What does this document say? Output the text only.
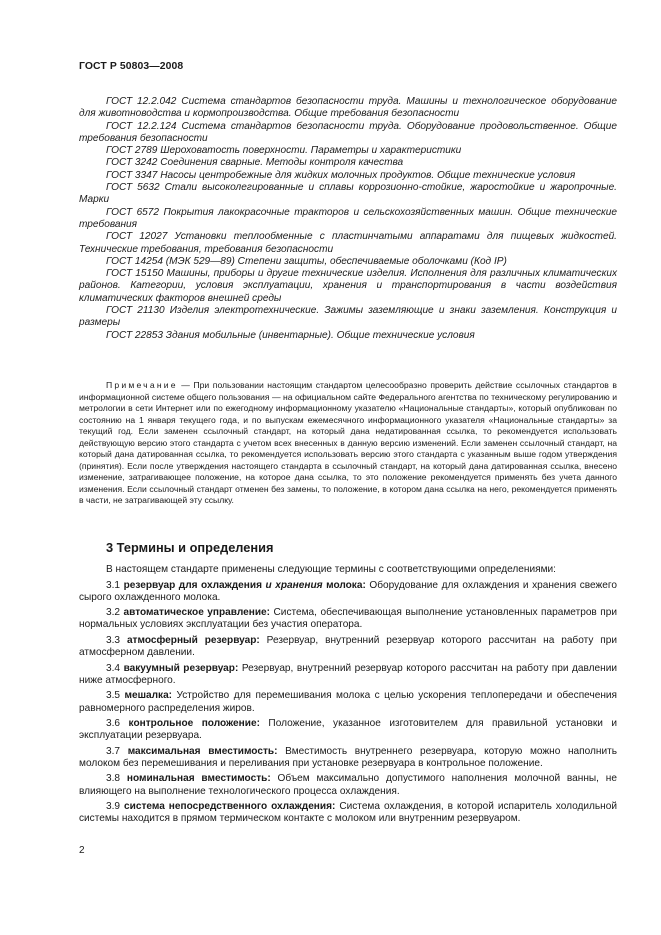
ГОСТ Р 50803—2008

ГОСТ 12.2.042 Система стандартов безопасности труда. Машины и технологическое оборудование для животноводства и кормопроизводства. Общие требования безопасности

ГОСТ 12.2.124 Система стандартов безопасности труда. Оборудование продовольственное. Общие требования безопасности

ГОСТ 2789 Шероховатость поверхности. Параметры и характеристики

ГОСТ 3242 Соединения сварные. Методы контроля качества

ГОСТ 3347 Насосы центробежные для жидких молочных продуктов. Общие технические условия

ГОСТ 5632 Стали высоколегированные и сплавы коррозионно-стойкие, жаростойкие и жаропрочные. Марки

ГОСТ 6572 Покрытия лакокрасочные тракторов и сельскохозяйственных машин. Общие технические требования

ГОСТ 12027 Установки теплообменные с пластинчатыми аппаратами для пищевых жидкостей. Технические требования, требования безопасности

ГОСТ 14254 (МЭК 529—89) Степени защиты, обеспечиваемые оболочками (Код IP)

ГОСТ 15150 Машины, приборы и другие технические изделия. Исполнения для различных климатических районов. Категории, условия эксплуатации, хранения и транспортирования в части воздействия климатических факторов внешней среды

ГОСТ 21130 Изделия электротехнические. Зажимы заземляющие и знаки заземления. Конструкция и размеры

ГОСТ 22853 Здания мобильные (инвентарные). Общие технические условия

Примечание — При пользовании настоящим стандартом целесообразно проверить действие ссылочных стандартов в информационной системе общего пользования — на официальном сайте Федерального агентства по техническому регулированию и метрологии в сети Интернет или по ежегодному информационному указателю «Национальные стандарты», который опубликован по состоянию на 1 января текущего года, и по выпускам ежемесячного информационного указателя «Национальные стандарты» за текущий год. Если заменен ссылочный стандарт, на который дана недатированная ссылка, то рекомендуется использовать действующую версию этого стандарта с учетом всех внесенных в данную версию изменений. Если заменен ссылочный стандарт, на который дана датированная ссылка, то рекомендуется использовать версию этого стандарта с указанным выше годом утверждения (принятия). Если после утверждения настоящего стандарта в ссылочный стандарт, на который дана датированная ссылка, внесено изменение, затрагивающее положение, на которое дана ссылка, то это положение рекомендуется применять без учета данного изменения. Если ссылочный стандарт отменен без замены, то положение, в котором дана ссылка на него, рекомендуется применять в части, не затрагивающей эту ссылку.

3 Термины и определения

В настоящем стандарте применены следующие термины с соответствующими определениями:

3.1 резервуар для охлаждения и хранения молока: Оборудование для охлаждения и хранения свежего сырого охлажденного молока.

3.2 автоматическое управление: Система, обеспечивающая выполнение установленных параметров при нормальных условиях эксплуатации без участия оператора.

3.3 атмосферный резервуар: Резервуар, внутренний резервуар которого рассчитан на работу при атмосферном давлении.

3.4 вакуумный резервуар: Резервуар, внутренний резервуар которого рассчитан на работу при давлении ниже атмосферного.

3.5 мешалка: Устройство для перемешивания молока с целью ускорения теплопередачи и обеспечения равномерного распределения жиров.

3.6 контрольное положение: Положение, указанное изготовителем для правильной установки и эксплуатации резервуара.

3.7 максимальная вместимость: Вместимость внутреннего резервуара, которую можно наполнить молоком без перемешивания и переливания при установке резервуара в контрольное положение.

3.8 номинальная вместимость: Объем максимально допустимого наполнения молочной ванны, не влияющего на выполнение технологического процесса охлаждения.

3.9 система непосредственного охлаждения: Система охлаждения, в которой испаритель холодильной системы находится в прямом термическом контакте с молоком или внутренним резервуаром.

2
